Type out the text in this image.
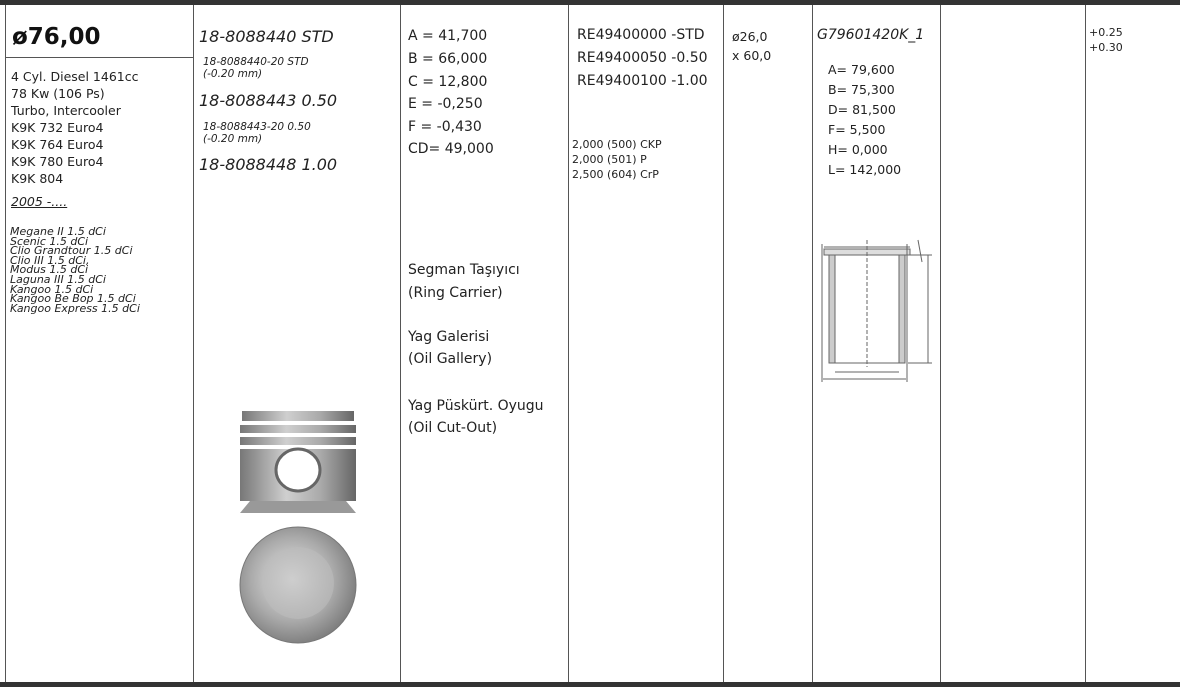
ø76,00
4 Cyl. Diesel 1461cc
78 Kw (106 Ps)
Turbo, Intercooler
K9K 732 Euro4
K9K 764 Euro4
K9K 780 Euro4
K9K 804
2005 -....
Megane II 1.5 dCi
Scenic 1.5 dCi
Clio Grandtour 1.5 dCi
Clio III 1.5 dCi,
Modus 1.5 dCi
Laguna III 1.5 dCi
Kangoo 1.5 dCi
Kangoo Be Bop 1.5 dCi
Kangoo Express 1.5 dCi
18-8088440 STD
18-8088440-20 STD
(-0.20 mm)
18-8088443 0.50
18-8088443-20 0.50
(-0.20 mm)
18-8088448 1.00
A = 41,700
B = 66,000
C = 12,800
E = -0,250
F = -0,430
CD= 49,000
Segman Taşıyıcı
(Ring Carrier)
Yag Galerisi
(Oil Gallery)
Yag Püskürt. Oyugu
(Oil Cut-Out)
RE49400000 -STD
RE49400050 -0.50
RE49400100 -1.00
2,000 (500) CKP
2,000 (501) P
2,500 (604) CrP
ø26,0
x 60,0
G79601420K_1
A= 79,600
B= 75,300
D= 81,500
F= 5,500
H= 0,000
L= 142,000
+0.25
+0.30
